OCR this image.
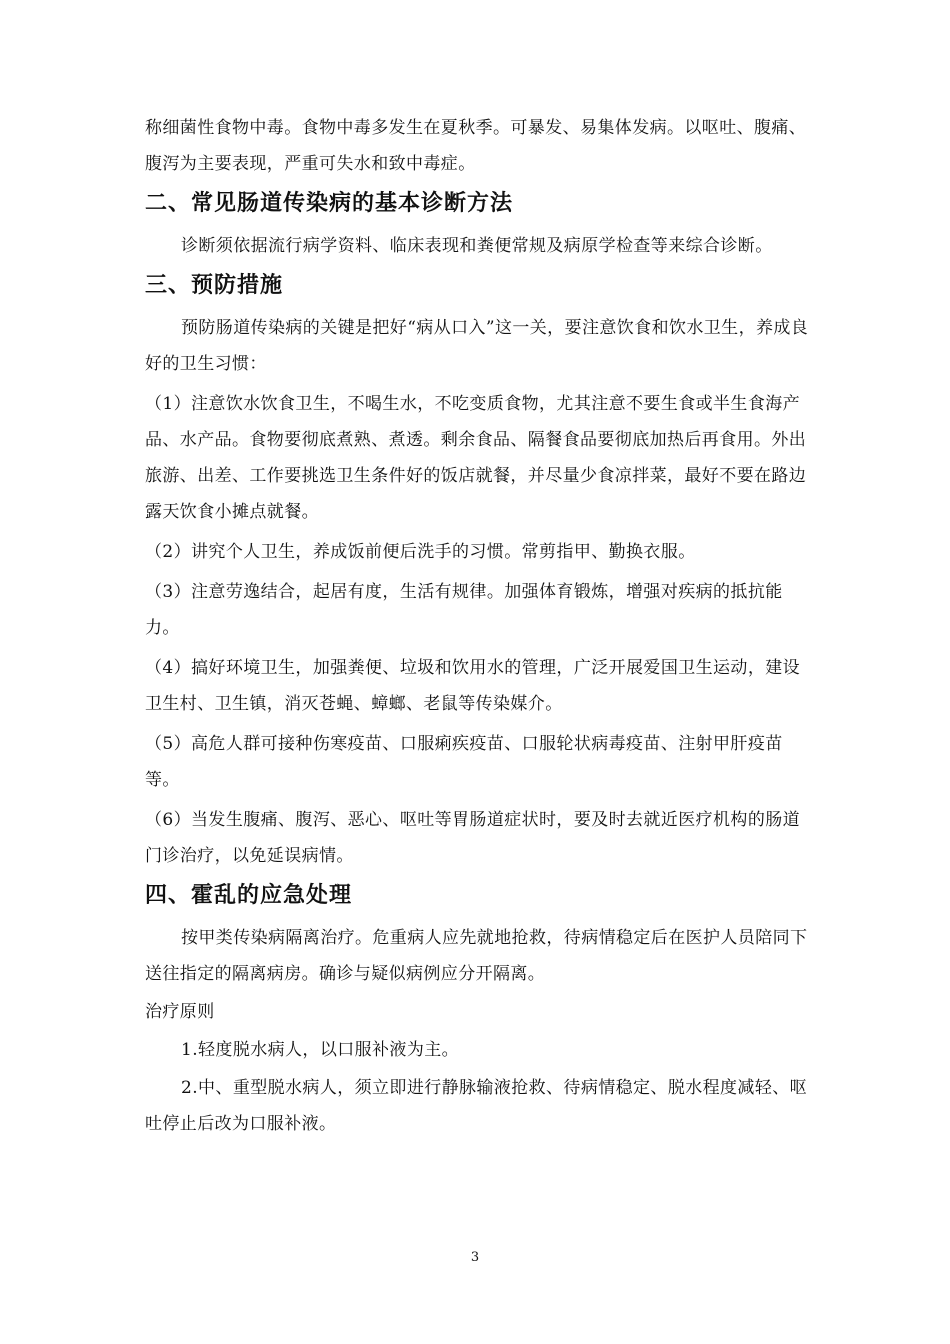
称细菌性食物中毒。食物中毒多发生在夏秋季。可暴发、易集体发病。以呕吐、腹痛、腹泻为主要表现，严重可失水和致中毒症。

二、常见肠道传染病的基本诊断方法

诊断须依据流行病学资料、临床表现和粪便常规及病原学检查等来综合诊断。

三、预防措施

预防肠道传染病的关键是把好“病从口入”这一关，要注意饮食和饮水卫生，养成良好的卫生习惯：

（1）注意饮水饮食卫生，不喝生水，不吃变质食物，尤其注意不要生食或半生食海产品、水产品。食物要彻底煮熟、煮透。剩余食品、隔餐食品要彻底加热后再食用。外出旅游、出差、工作要挑选卫生条件好的饭店就餐，并尽量少食凉拌菜，最好不要在路边露天饮食小摊点就餐。

（2）讲究个人卫生，养成饭前便后洗手的习惯。常剪指甲、勤换衣服。

（3）注意劳逸结合，起居有度，生活有规律。加强体育锻炼，增强对疾病的抵抗能力。

（4）搞好环境卫生，加强粪便、垃圾和饮用水的管理，广泛开展爱国卫生运动，建设卫生村、卫生镇，消灭苍蝇、蟑螂、老鼠等传染媒介。

（5）高危人群可接种伤寒疫苗、口服痢疾疫苗、口服轮状病毒疫苗、注射甲肝疫苗等。

（6）当发生腹痛、腹泻、恶心、呕吐等胃肠道症状时，要及时去就近医疗机构的肠道门诊治疗，以免延误病情。

四、霍乱的应急处理

按甲类传染病隔离治疗。危重病人应先就地抢救，待病情稳定后在医护人员陪同下送往指定的隔离病房。确诊与疑似病例应分开隔离。

治疗原则

1.轻度脱水病人，以口服补液为主。

2.中、重型脱水病人，须立即进行静脉输液抢救、待病情稳定、脱水程度减轻、呕吐停止后改为口服补液。

3
